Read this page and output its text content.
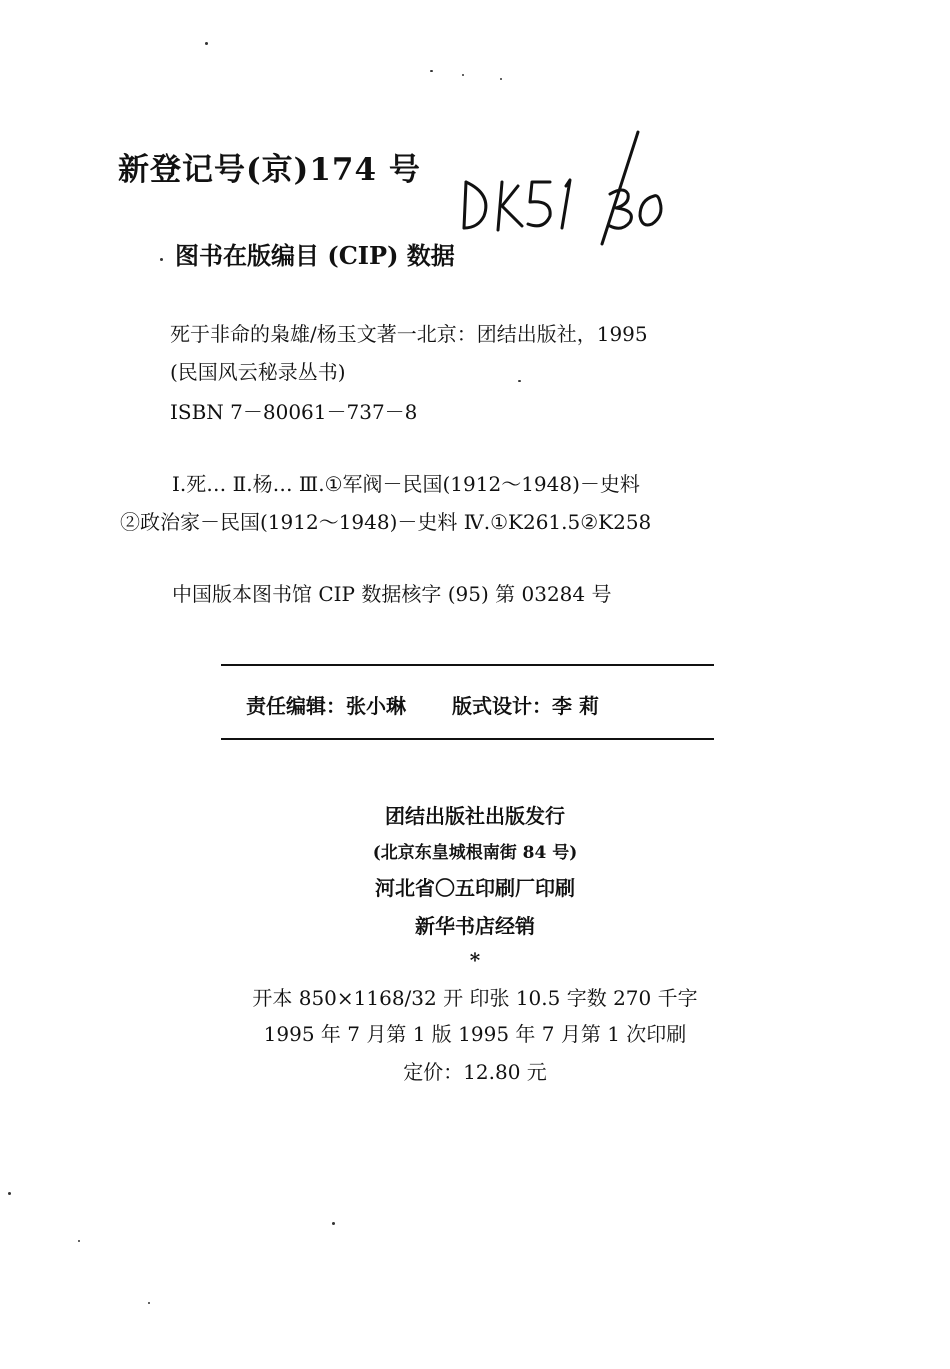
新登记号(京)174 号
图书在版编目 (CIP) 数据
死于非命的枭雄/杨玉文著一北京：团结出版社，1995
(民国风云秘录丛书)
ISBN 7－80061－737－8
Ⅰ.死… Ⅱ.杨… Ⅲ.①军阀－民国(1912～1948)－史料
②政治家－民国(1912～1948)－史料 Ⅳ.①K261.5②K258
中国版本图书馆 CIP 数据核字 (95) 第 03284 号
责任编辑：张小琳 版式设计：李 莉
团结出版社出版发行
(北京东皇城根南街 84 号)
河北省〇五印刷厂印刷
新华书店经销
*
开本 850×1168/32 开 印张 10.5 字数 270 千字
1995 年 7 月第 1 版 1995 年 7 月第 1 次印刷
定价：12.80 元
